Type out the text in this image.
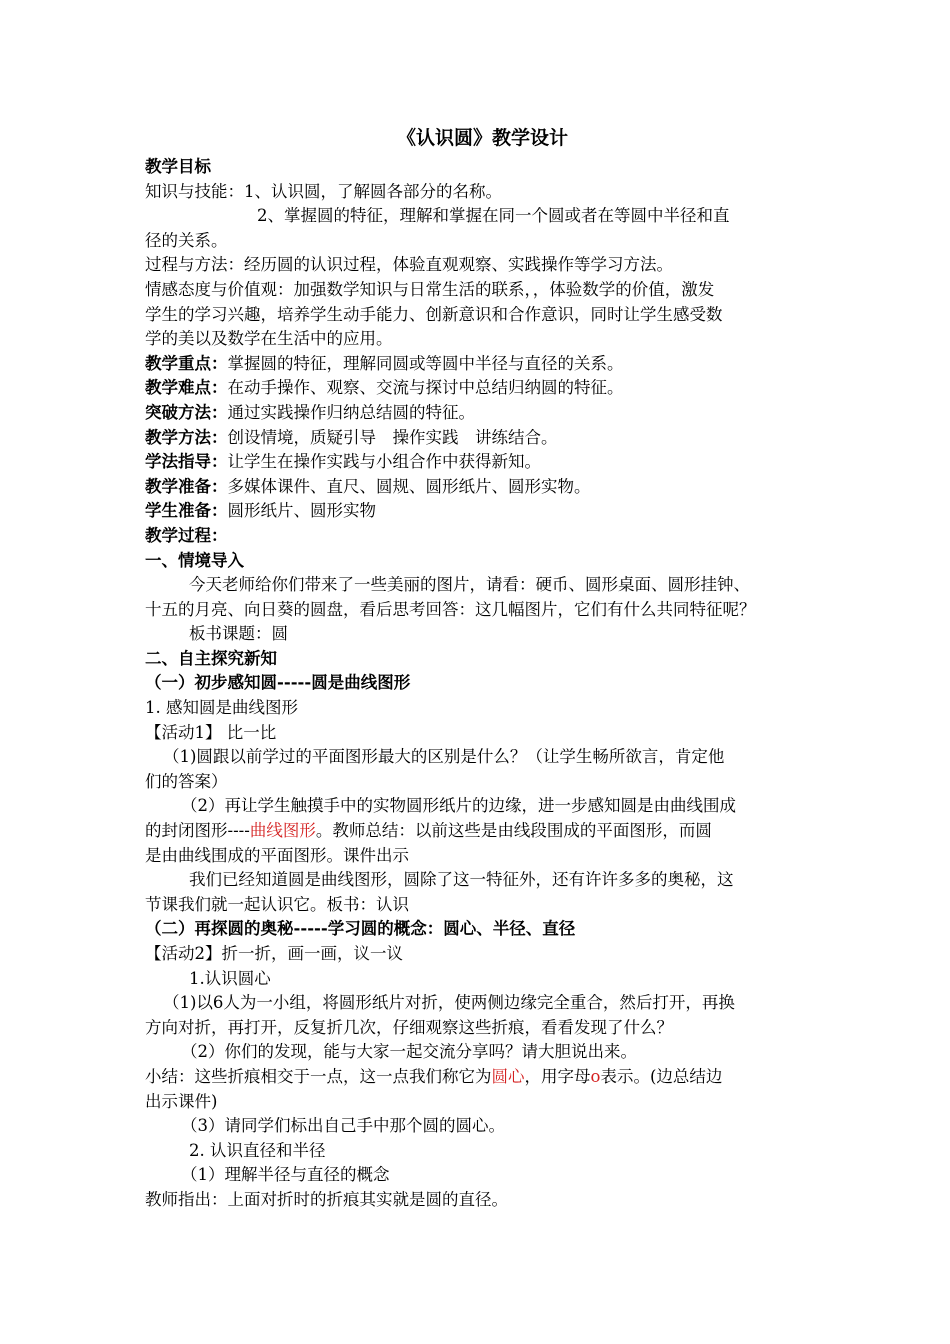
《认识圆》教学设计
教学目标
知识与技能：1、认识圆，了解圆各部分的名称。
2、掌握圆的特征，理解和掌握在同一个圆或者在等圆中半径和直
径的关系。
过程与方法：经历圆的认识过程，体验直观观察、实践操作等学习方法。
情感态度与价值观：加强数学知识与日常生活的联系，，体验数学的价值，激发
学生的学习兴趣，培养学生动手能力、创新意识和合作意识，同时让学生感受数
学的美以及数学在生活中的应用。
教学重点：掌握圆的特征，理解同圆或等圆中半径与直径的关系。
教学难点：在动手操作、观察、交流与探讨中总结归纳圆的特征。
突破方法：通过实践操作归纳总结圆的特征。
教学方法：创设情境，质疑引导　操作实践　讲练结合。
学法指导：让学生在操作实践与小组合作中获得新知。
教学准备：多媒体课件、直尺、圆规、圆形纸片、圆形实物。
学生准备：圆形纸片、圆形实物
教学过程：
一、情境导入
今天老师给你们带来了一些美丽的图片，请看：硬币、圆形桌面、圆形挂钟、
十五的月亮、向日葵的圆盘，看后思考回答：这几幅图片，它们有什么共同特征呢？
板书课题：圆
二、自主探究新知
（一）初步感知圆-----圆是曲线图形
1. 感知圆是曲线图形
【活动1】 比一比
（1)圆跟以前学过的平面图形最大的区别是什么？（让学生畅所欲言，肯定他
们的答案）
（2）再让学生触摸手中的实物圆形纸片的边缘，进一步感知圆是由曲线围成
的封闭图形----曲线图形。教师总结：以前这些是由线段围成的平面图形，而圆
是由曲线围成的平面图形。课件出示
我们已经知道圆是曲线图形，圆除了这一特征外，还有许许多多的奥秘，这
节课我们就一起认识它。板书：认识
（二）再探圆的奥秘-----学习圆的概念：圆心、半径、直径
【活动2】折一折，画一画，议一议
1.认识圆心
（1)以6人为一小组，将圆形纸片对折，使两侧边缘完全重合，然后打开，再换
方向对折，再打开，反复折几次，仔细观察这些折痕，看看发现了什么？
（2）你们的发现，能与大家一起交流分享吗？请大胆说出来。
小结：这些折痕相交于一点，这一点我们称它为圆心，用字母o表示。(边总结边
出示课件)
（3）请同学们标出自己手中那个圆的圆心。
2. 认识直径和半径
（1）理解半径与直径的概念
教师指出：上面对折时的折痕其实就是圆的直径。
